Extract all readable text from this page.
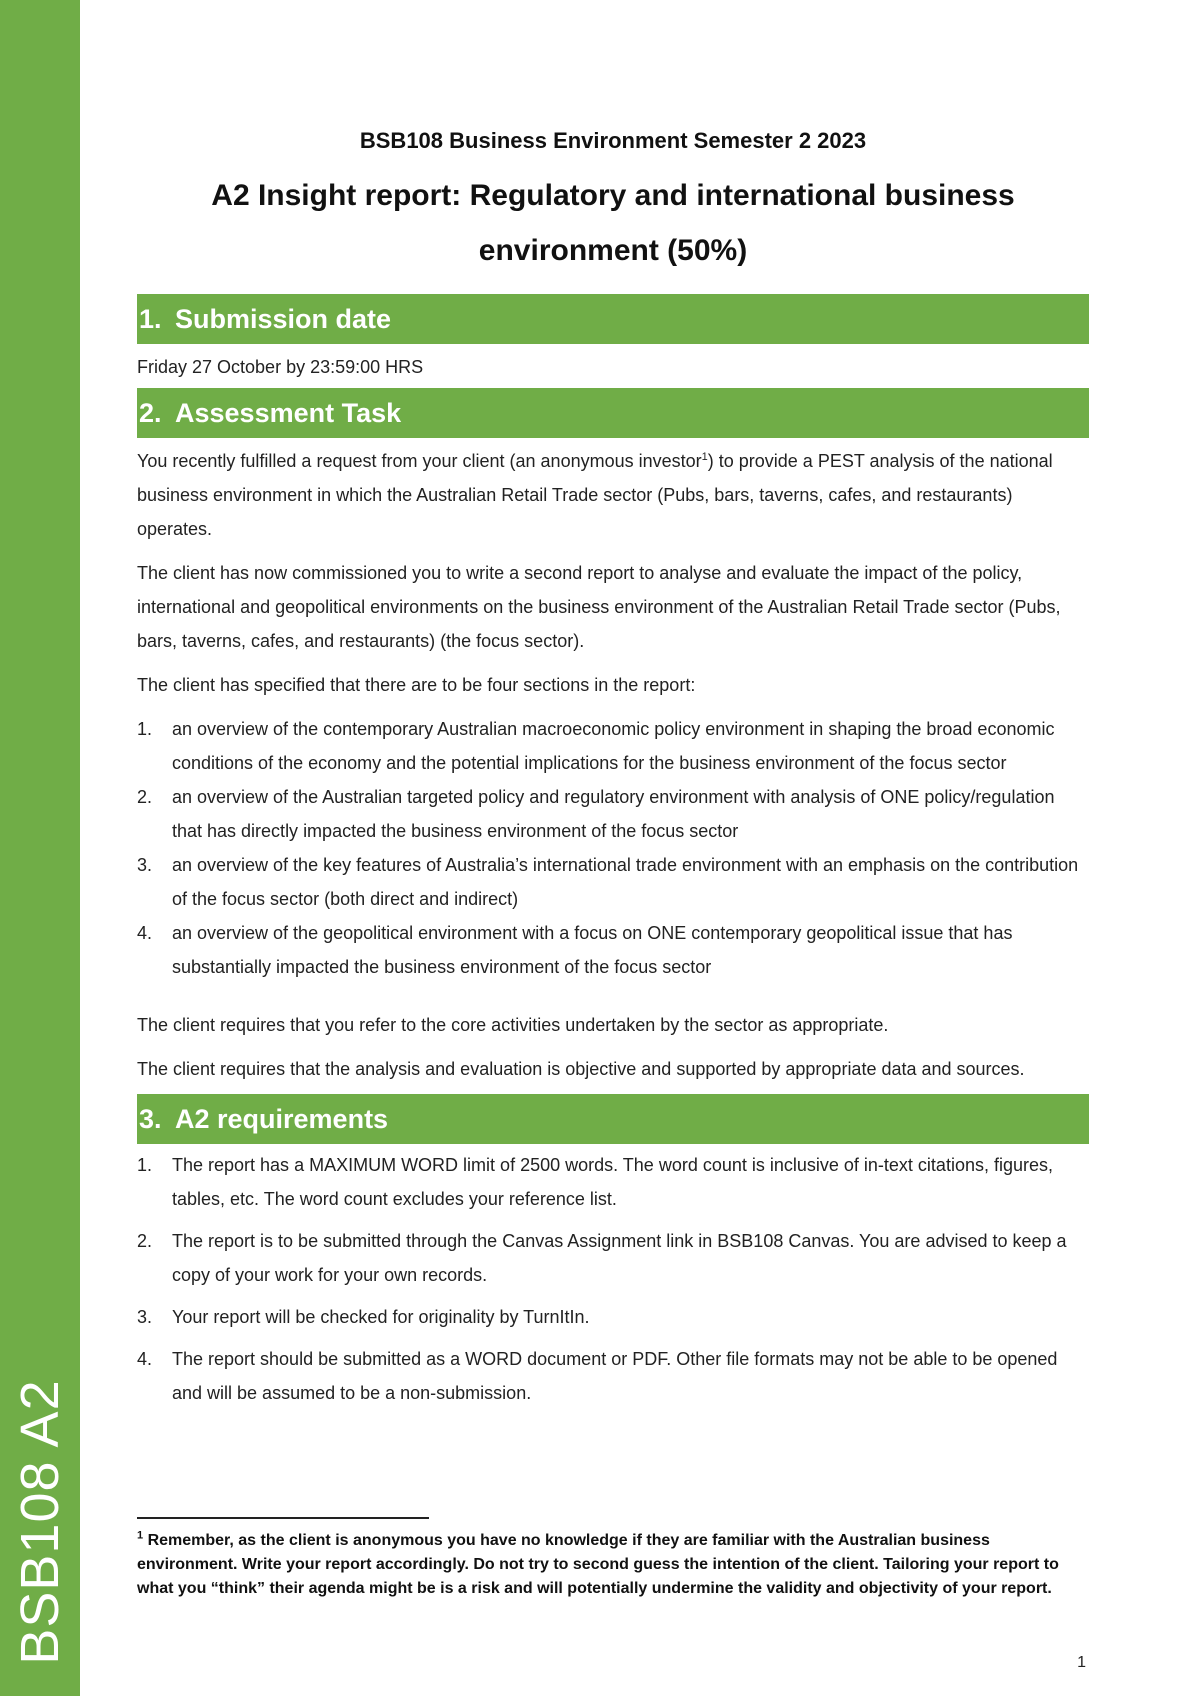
BSB108 A2

BSB108 Business Environment Semester 2 2023

A2 Insight report: Regulatory and international business environment (50%)
1. Submission date

Friday 27 October by 23:59:00 HRS

2. Assessment Task

You recently fulfilled a request from your client (an anonymous investor$^1$) to provide a PEST analysis of the national business environment in which the Australian Retail Trade sector (Pubs, bars, taverns, cafes, and restaurants) operates.

The client has now commissioned you to write a second report to analyse and evaluate the impact of the policy, international and geopolitical environments on the business environment of the Australian Retail Trade sector (Pubs, bars, taverns, cafes, and restaurants) (the focus sector).

The client has specified that there are to be four sections in the report:

1. an overview of the contemporary Australian macroeconomic policy environment in shaping the broad economic conditions of the economy and the potential implications for the business environment of the focus sector
2. an overview of the Australian targeted policy and regulatory environment with analysis of ONE policy/regulation that has directly impacted the business environment of the focus sector
3. an overview of the key features of Australia’s international trade environment with an emphasis on the contribution of the focus sector (both direct and indirect)
4. an overview of the geopolitical environment with a focus on ONE contemporary geopolitical issue that has substantially impacted the business environment of the focus sector

The client requires that you refer to the core activities undertaken by the sector as appropriate.

The client requires that the analysis and evaluation is objective and supported by appropriate data and sources.

3. A2 requirements
1. The report has a MAXIMUM WORD limit of 2500 words. The word count is inclusive of in-text citations, figures, tables, etc. The word count excludes your reference list.
2. The report is to be submitted through the Canvas Assignment link in BSB108 Canvas. You are advised to keep a copy of your work for your own records.
3. Your report will be checked for originality by TurnItIn.
4. The report should be submitted as a WORD document or PDF. Other file formats may not be able to be opened and will be assumed to be a non-submission.

$^1$ Remember, as the client is anonymous you have no knowledge if they are familiar with the Australian business environment. Write your report accordingly. Do not try to second guess the intention of the client. Tailoring your report to what you “think” their agenda might be is a risk and will potentially undermine the validity and objectivity of your report.

1
